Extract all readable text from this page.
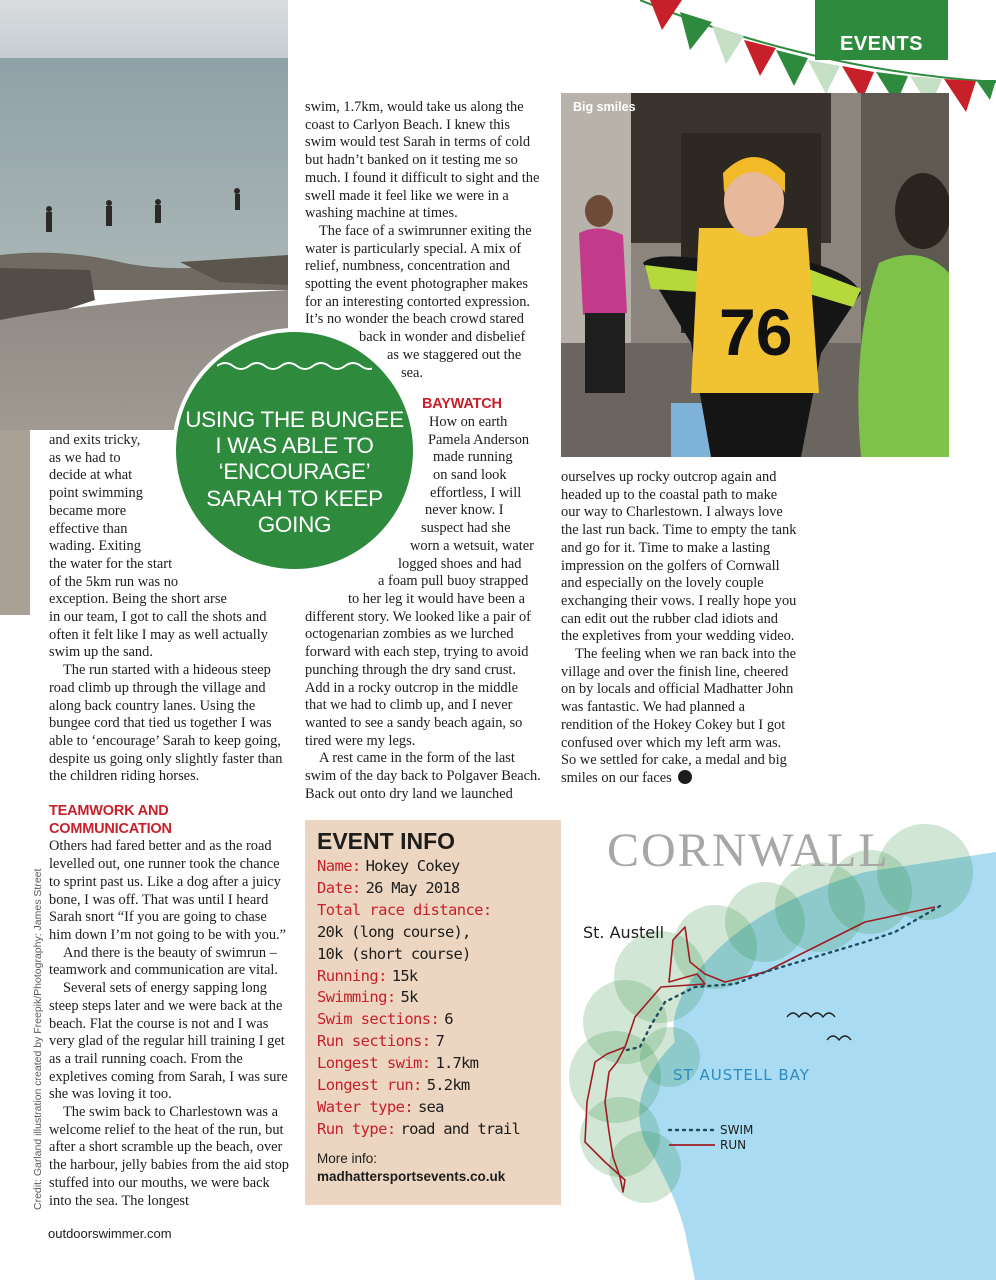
EVENTS
76
Big smiles
USING THE BUNGEE I WAS ABLE TO ‘ENCOURAGE’ SARAH TO KEEP GOING
and exits tricky,
as we had to
decide at what
point swimming
became more
effective than
wading. Exiting
the water for the start
of the 5km run was no
exception. Being the short arse
in our team, I got to call the shots and
often it felt like I may as well actually
swim up the sand.

The run started with a hideous steep road climb up through the village and along back country lanes. Using the bungee cord that tied us together I was able to ‘encourage’ Sarah to keep going, despite us going only slightly faster than the children riding horses.

TEAMWORK AND COMMUNICATION

Others had fared better and as the road levelled out, one runner took the chance to sprint past us. Like a dog after a juicy bone, I was off. That was until I heard Sarah snort “If you are going to chase him down I’m not going to be with you.”

And there is the beauty of swimrun – teamwork and communication are vital.

Several sets of energy sapping long steep steps later and we were back at the beach. Flat the course is not and I was very glad of the regular hill training I get as a trail running coach. From the expletives coming from Sarah, I was sure she was loving it too.

The swim back to Charlestown was a welcome relief to the heat of the run, but after a short scramble up the beach, over the harbour, jelly babies from the aid stop stuffed into our mouths, we were back into the sea. The longest

swim, 1.7km, would take us along the coast to Carlyon Beach. I knew this swim would test Sarah in terms of cold but hadn’t banked on it testing me so much. I found it difficult to sight and the swell made it feel like we were in a washing machine at times.

The face of a swimrunner exiting the
water is particularly special. A mix of
relief, numbness, concentration and
spotting the event photographer makes
for an interesting contorted expression.
It’s no wonder the beach crowd stared
back in wonder and disbelief
as we staggered out the
sea.
BAYWATCH
How on earth
Pamela Anderson
made running
on sand look
effortless, I will
never know. I
suspect had she
worn a wetsuit, water
logged shoes and had
a foam pull buoy strapped
to her leg it would have been a
different story. We looked like a pair of octogenarian zombies as we lurched forward with each step, trying to avoid punching through the dry sand crust. Add in a rocky outcrop in the middle that we had to climb up, and I never wanted to see a sandy beach again, so tired were my legs.

A rest came in the form of the last swim of the day back to Polgaver Beach. Back out onto dry land we launched

ourselves up rocky outcrop again and headed up to the coastal path to make our way to Charlestown. I always love the last run back. Time to empty the tank and go for it. Time to make a lasting impression on the golfers of Cornwall and especially on the lovely couple exchanging their vows. I really hope you can edit out the rubber clad idiots and the expletives from your wedding video.

The feeling when we ran back into the village and over the finish line, cheered on by locals and official Madhatter John was fantastic. We had planned a rendition of the Hokey Cokey but I got confused over which my left arm was. So we settled for cake, a medal and big smiles on our faces

EVENT INFO
Name: Hokey Cokey
Date: 26 May 2018
Total race distance:
20k (long course),
10k (short course)
Running: 15k
Swimming: 5k
Swim sections: 6
Run sections: 7
Longest swim: 1.7km
Longest run: 5.2km
Water type: sea
Run type: road and trail
More info:
madhattersportsevents.co.uk
CORNWALL
St. Austell
ST AUSTELL BAY
SWIM
RUN
Credit: Garland illustration created by Freepik/Photography: James Street
outdoorswimmer.com
